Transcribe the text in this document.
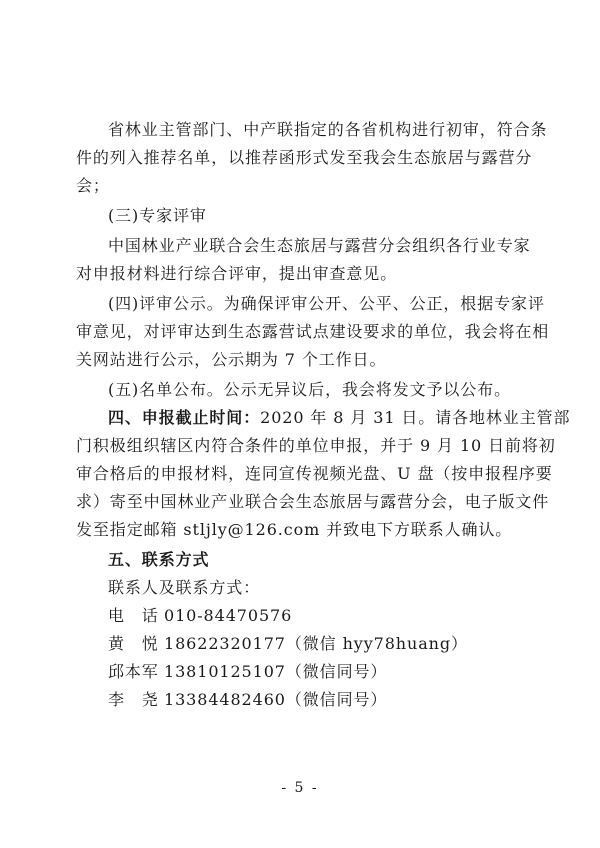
省林业主管部门、中产联指定的各省机构进行初审，符合条
件的列入推荐名单，以推荐函形式发至我会生态旅居与露营分
会；
(三)专家评审
中国林业产业联合会生态旅居与露营分会组织各行业专家
对申报材料进行综合评审，提出审查意见。
(四)评审公示。为确保评审公开、公平、公正，根据专家评
审意见，对评审达到生态露营试点建设要求的单位，我会将在相
关网站进行公示，公示期为 7 个工作日。
(五)名单公布。公示无异议后，我会将发文予以公布。
四、申报截止时间：2020 年 8 月 31 日。请各地林业主管部
门积极组织辖区内符合条件的单位申报，并于 9 月 10 日前将初
审合格后的申报材料，连同宣传视频光盘、U 盘（按申报程序要
求）寄至中国林业产业联合会生态旅居与露营分会，电子版文件
发至指定邮箱 stljly@126.com 并致电下方联系人确认。
五、联系方式
联系人及联系方式：
电　话 010-84470576
黄　悦 18622320177（微信 hyy78huang）
邱本军 13810125107（微信同号）
李　尧 13384482460（微信同号）
- 5 -
